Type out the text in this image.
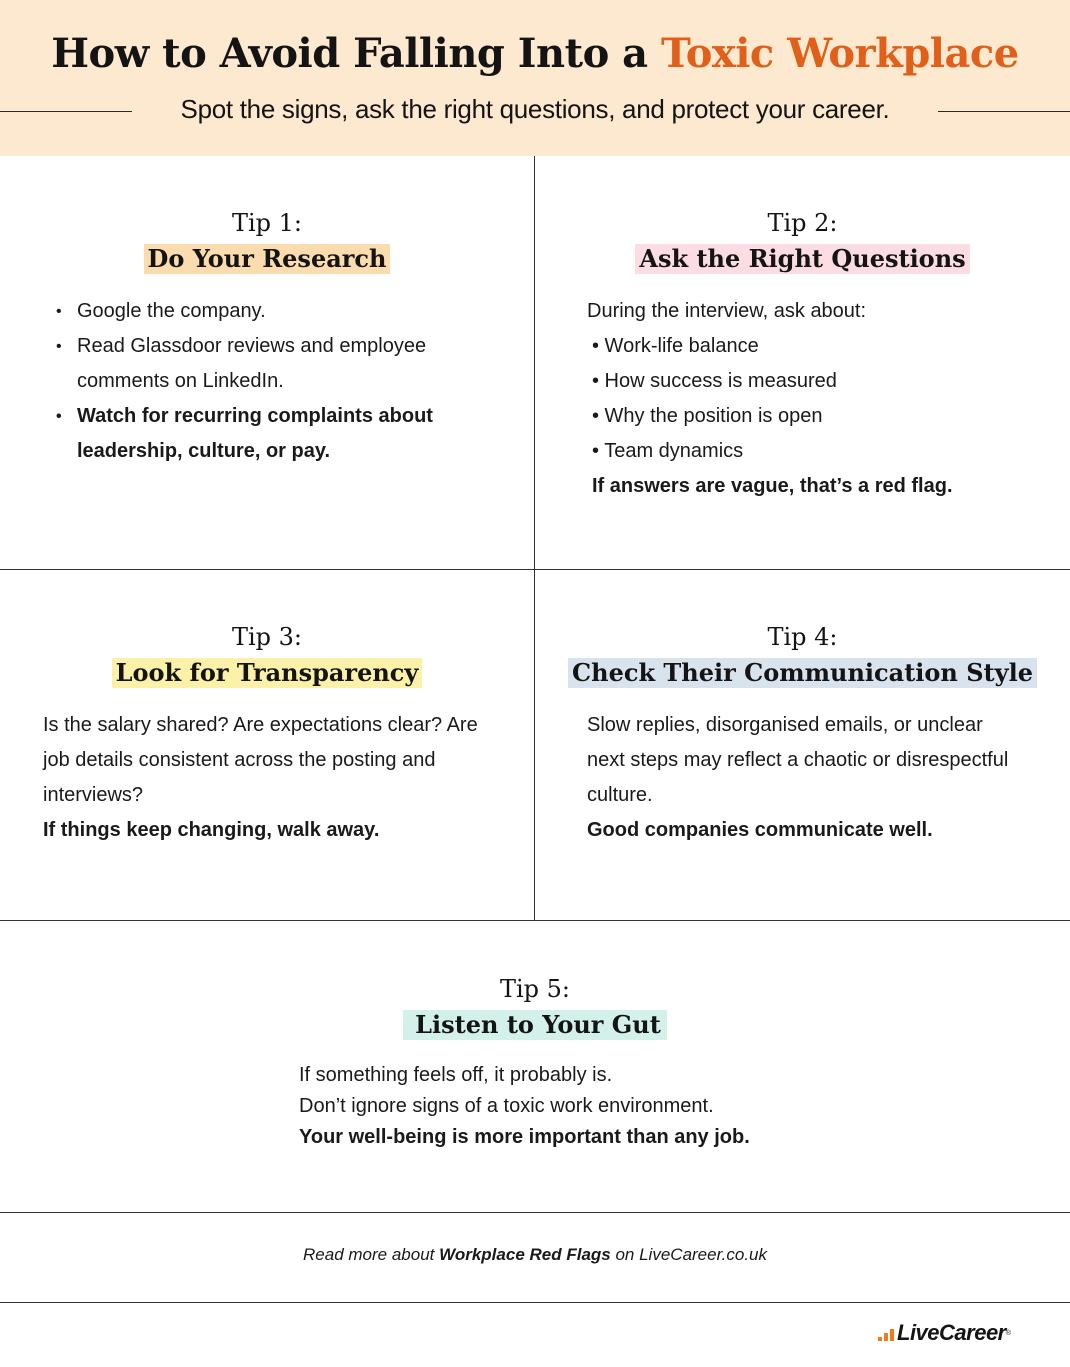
How to Avoid Falling Into a Toxic Workplace
Spot the signs, ask the right questions, and protect your career.
Tip 1:
Do Your Research
• Google the company.
• Read Glassdoor reviews and employee comments on LinkedIn.
• Watch for recurring complaints about leadership, culture, or pay.
Tip 2:
Ask the Right Questions
During the interview, ask about:
• Work-life balance
• How success is measured
• Why the position is open
• Team dynamics
If answers are vague, that’s a red flag.
Tip 3:
Look for Transparency
Is the salary shared? Are expectations clear? Are job details consistent across the posting and interviews?
If things keep changing, walk away.
Tip 4:
Check Their Communication Style
Slow replies, disorganised emails, or unclear next steps may reflect a chaotic or disrespectful culture.
Good companies communicate well.
Tip 5:
Listen to Your Gut
If something feels off, it probably is.
Don’t ignore signs of a toxic work environment.
Your well-being is more important than any job.
Read more about Workplace Red Flags on LiveCareer.co.uk
LiveCareer ®
